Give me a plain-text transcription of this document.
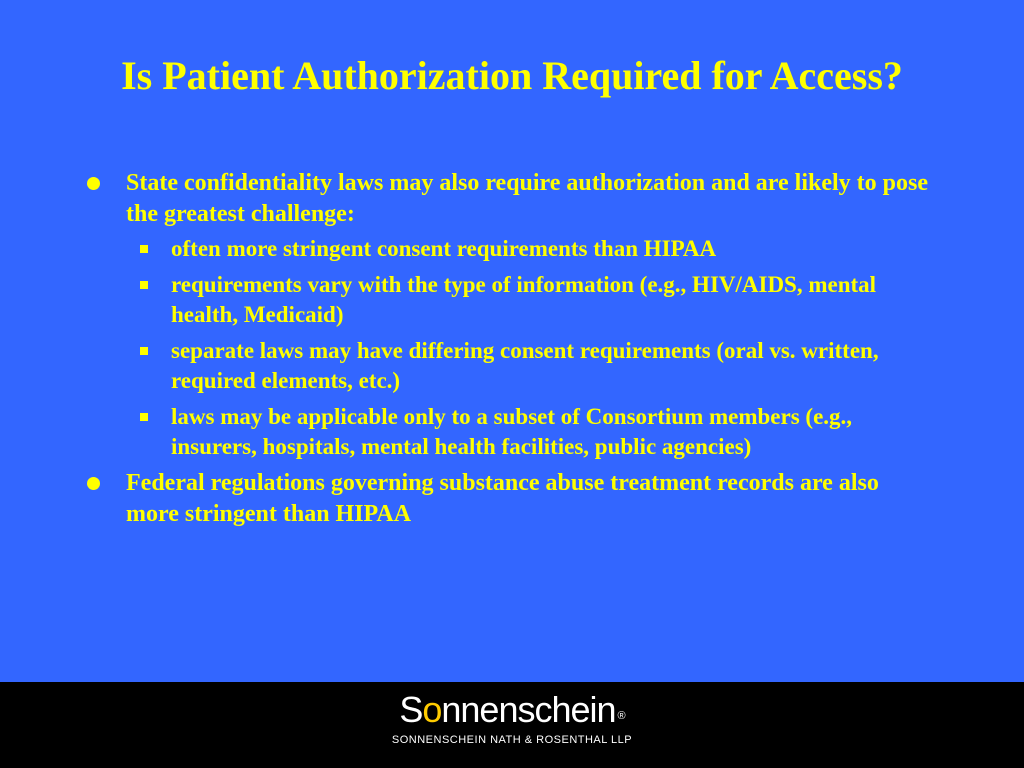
Is Patient Authorization Required for Access?
State confidentiality laws may also require authorization and are likely to pose the greatest challenge:
often more stringent consent requirements than HIPAA
requirements vary with the type of information (e.g., HIV/AIDS, mental health, Medicaid)
separate laws may have differing consent requirements (oral vs. written, required elements, etc.)
laws may be applicable only to a subset of Consortium members (e.g., insurers, hospitals, mental health facilities, public agencies)
Federal regulations governing substance abuse treatment records are also more stringent than HIPAA
Sonnenschein ®
SONNENSCHEIN NATH & ROSENTHAL LLP
